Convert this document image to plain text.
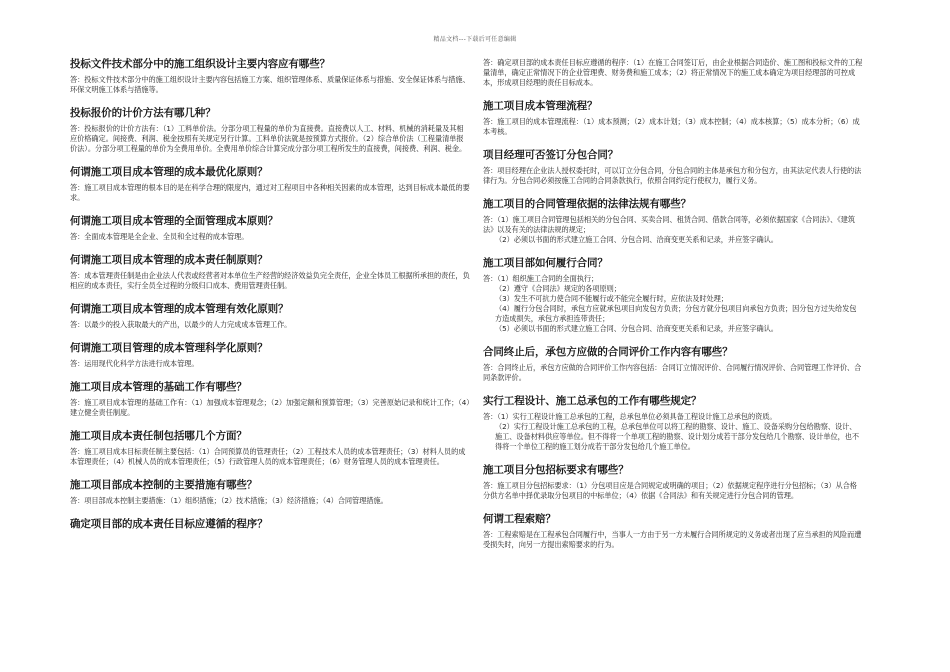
精品文档---下载后可任意编辑
投标文件技术部分中的施工组织设计主要内容应有哪些？
答：投标文件技术部分中的施工组织设计主要内容包括施工方案、组织管理体系、质量保证体系与措施、安全保证体系与措施、环保文明施工体系与措施等。
投标报价的计价方法有哪几种？
答：投标报价的计价方法有：（1）工料单价法。分部分项工程量的单价为直接费。直接费以人工、材料、机械的消耗量及其相应价格确定。间接费、利润、税金按照有关规定另行计算。工料单价法就是按预算方式报价。（2）综合单价法（工程量清单报价法）。分部分项工程量的单价为全费用单价。全费用单价综合计算完成分部分项工程所发生的直接费，间接费、利润、税金。
何谓施工项目成本管理的成本最优化原则？
答：施工项目成本管理的根本目的是在科学合理的限度内，通过对工程项目中各种相关因素的成本管理，达到目标成本最低的要求。
何谓施工项目成本管理的全面管理成本原则？
答：全面成本管理是全企业、全员和全过程的成本管理。
何谓施工项目成本管理的成本责任制原则？
答：成本管理责任制是由企业法人代表或经营者对本单位生产经营的经济效益负完全责任，企业全体员工根据所承担的责任，负相应的成本责任，实行全员全过程的分级归口成本、费用管理责任制。
何谓施工项目成本管理的成本管理有效化原则？
答：以最少的投入获取最大的产出，以最少的人力完成成本管理工作。
何谓施工项目管理的成本管理科学化原则？
答：运用现代化科学方法进行成本管理。
施工项目成本管理的基础工作有哪些？
答：施工项目成本管理的基础工作有：（1）加强成本管理观念；（2）加强定额和预算管理；（3）完善原始记录和统计工作；（4）建立健全责任制度。
施工项目成本责任制包括哪几个方面？
答：施工项目成本目标责任制主要包括：（1）合同预算员的管理责任；（2）工程技术人员的成本管理责任；（3）材料人员的成本管理责任；（4）机械人员的成本管理责任；（5）行政管理人员的成本管理责任；（6）财务管理人员的成本管理责任。
施工项目部成本控制的主要措施有哪些？
答：项目部成本控制主要措施：（1）组织措施；（2）技术措施；（3）经济措施；（4）合同管理措施。
确定项目部的成本责任目标应遵循的程序？
答：确定项目部的成本责任目标应遵循的程序：（1）在施工合同签订后，由企业根据合同造价、施工图和投标文件的工程量清单，确定正常情况下的企业管理费、财务费和施工成本；（2）将正常情况下的施工成本确定为项目经理部的可控成本，形成项目经理的责任目标成本。
施工项目成本管理流程？
答：施工项目的成本管理流程：（1）成本预测；（2）成本计划；（3）成本控制；（4）成本核算；（5）成本分析；（6）成本考核。
项目经理可否签订分包合同？
答：项目经理在企业法人授权委托时，可以订立分包合同，分包合同的主体是承包方和分包方，由其法定代表人行使的法律行为。分包合同必须按施工合同的合同条款执行，依照合同约定行使权力，履行义务。
施工项目的合同管理依据的法律法规有哪些？
答：（1）施工项目合同管理包括相关的分包合同、买卖合同、租赁合同、借款合同等，必须依据国家《合同法》、《建筑法》以及有关的法律法规的规定；
（2）必须以书面的形式建立施工合同、分包合同、洽商变更关系和记录，并应签字确认。
施工项目部如何履行合同？
答：（1）组织施工合同的全面执行；
（2）遵守《合同法》规定的各项原则；
（3）发生不可抗力使合同不能履行或不能完全履行时，应依法及时处理；
（4）履行分包合同时，承包方应就承包项目向发包方负责；分包方就分包项目向承包方负责；因分包方过失给发包方造成损失，承包方承担连带责任；
（5）必须以书面的形式建立施工合同、分包合同、洽商变更关系和记录，并应签字确认。
合同终止后，承包方应做的合同评价工作内容有哪些？
答：合同终止后，承包方应做的合同评价工作内容包括：合同订立情况评价、合同履行情况评价、合同管理工作评价、合同条款评价。
实行工程设计、施工总承包的工作有哪些规定？
答：（1）实行工程设计施工总承包的工程，总承包单位必须具备工程设计施工总承包的资质。
（2）实行工程设计施工总承包的工程，总承包单位可以将工程的勘察、设计、施工、设备采购分包给勘察、设计、施工、设备材料供应等单位。但不得将一个单项工程的勘察、设计划分成若干部分发包给几个勘察、设计单位，也不得将一个单位工程的施工划分成若干部分发包给几个施工单位。
施工项目分包招标要求有哪些？
答：施工项目分包招标要求：（1）分包项目应是合同规定或明确的项目；（2）依据规定程序进行分包招标；（3）从合格分供方名单中择优录取分包项目的中标单位；（4）依据《合同法》和有关规定进行分包合同的管理。
何谓工程索赔？
答：工程索赔是在工程承包合同履行中，当事人一方由于另一方未履行合同所规定的义务或者出现了应当承担的风险而遭受损失时，向另一方提出索赔要求的行为。
